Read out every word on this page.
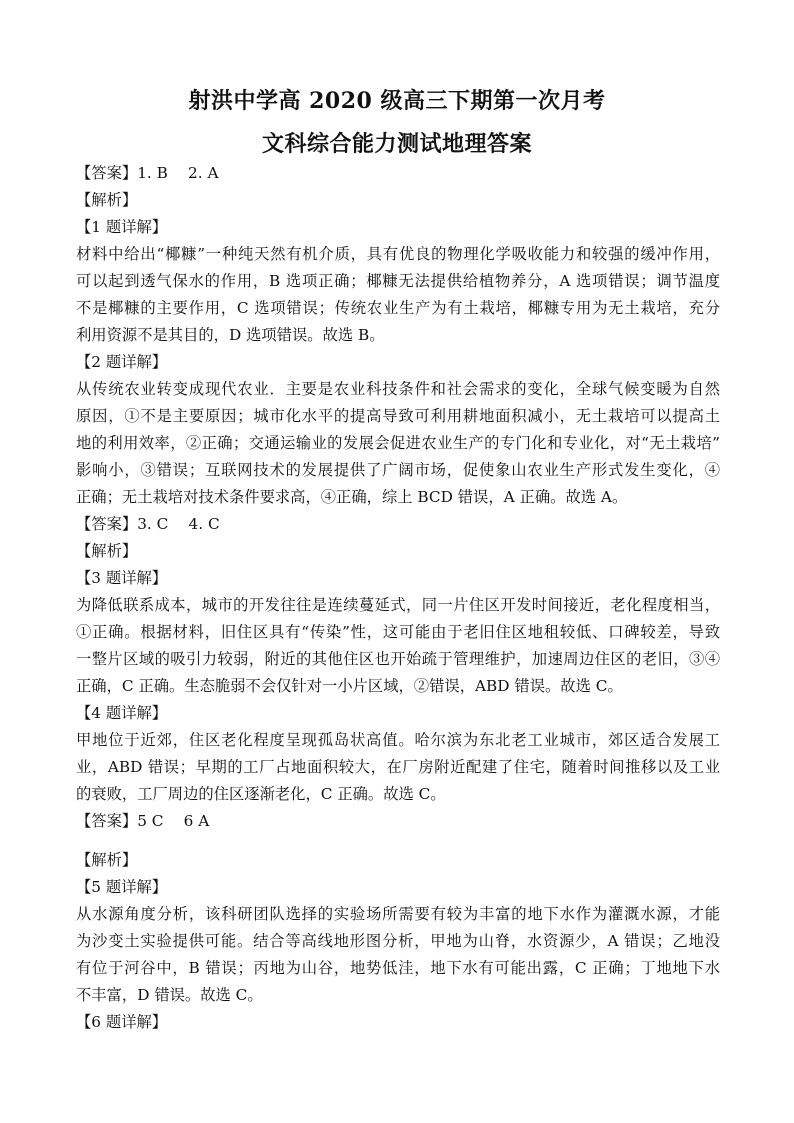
射洪中学高 2020 级高三下期第一次月考
文科综合能力测试地理答案
【答案】1. B　 2. A
【解析】
【1 题详解】
材料中给出“椰糠”一种纯天然有机介质，具有优良的物理化学吸收能力和较强的缓冲作用，
可以起到透气保水的作用，B 选项正确；椰糠无法提供给植物养分，A 选项错误；调节温度
不是椰糠的主要作用，C 选项错误；传统农业生产为有土栽培，椰糠专用为无土栽培，充分
利用资源不是其目的，D 选项错误。故选 B。
【2 题详解】
从传统农业转变成现代农业．主要是农业科技条件和社会需求的变化，全球气候变暖为自然
原因，①不是主要原因；城市化水平的提高导致可利用耕地面积减小，无土栽培可以提高土
地的利用效率，②正确；交通运输业的发展会促进农业生产的专门化和专业化，对“无土栽培”
影响小，③错误；互联网技术的发展提供了广阔市场，促使象山农业生产形式发生变化，④
正确；无土栽培对技术条件要求高，④正确，综上 BCD 错误，A 正确。故选 A。
【答案】3. C　 4. C
【解析】
【3 题详解】
为降低联系成本，城市的开发往往是连续蔓延式，同一片住区开发时间接近，老化程度相当，
①正确。根据材料，旧住区具有“传染”性，这可能由于老旧住区地租较低、口碑较差，导致
一整片区域的吸引力较弱，附近的其他住区也开始疏于管理维护，加速周边住区的老旧，③④
正确，C 正确。生态脆弱不会仅针对一小片区域，②错误，ABD 错误。故选 C。
【4 题详解】
甲地位于近郊，住区老化程度呈现孤岛状高值。哈尔滨为东北老工业城市，郊区适合发展工
业，ABD 错误；早期的工厂占地面积较大，在厂房附近配建了住宅，随着时间推移以及工业
的衰败，工厂周边的住区逐渐老化，C 正确。故选 C。
【答案】5 C　 6 A
【解析】
【5 题详解】
从水源角度分析，该科研团队选择的实验场所需要有较为丰富的地下水作为灌溉水源，才能
为沙变土实验提供可能。结合等高线地形图分析，甲地为山脊，水资源少，A 错误；乙地没
有位于河谷中，B 错误；丙地为山谷，地势低洼，地下水有可能出露，C 正确；丁地地下水
不丰富，D 错误。故选 C。
【6 题详解】
